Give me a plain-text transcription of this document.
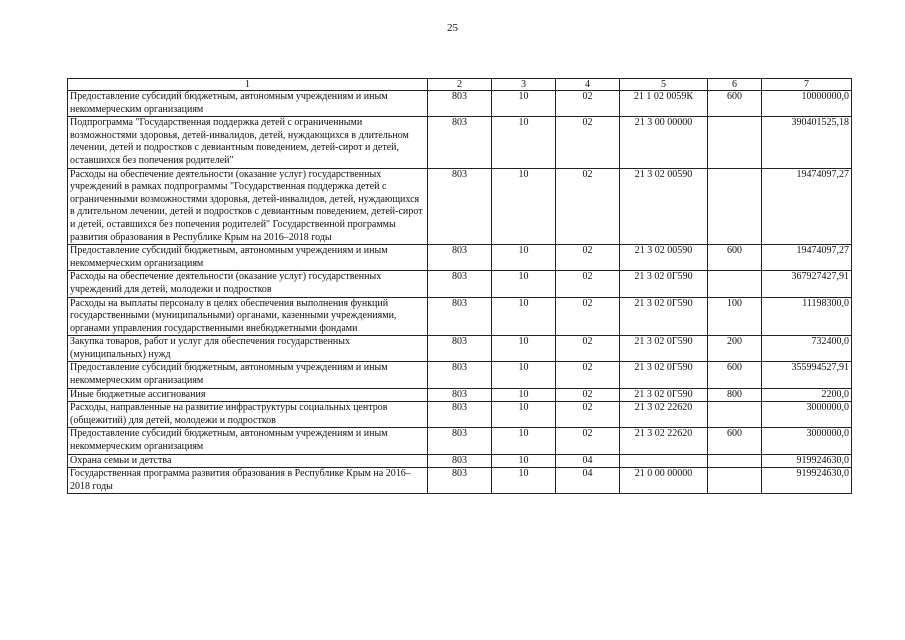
25
1	2	3	4	5	6	7
Предоставление субсидий бюджетным, автономным учреждениям и иным некоммерческим организациям	803	10	02	21 1 02 0059К	600	10000000,0
Подпрограмма "Государственная поддержка детей с ограниченными возможностями здоровья, детей-инвалидов, детей, нуждающихся в длительном лечении, детей и подростков с девиантным поведением, детей-сирот и детей, оставшихся без попечения родителей"	803	10	02	21 3 00 00000		390401525,18
Расходы на обеспечение деятельности (оказание услуг) государственных учреждений в рамках подпрограммы "Государственная поддержка детей с ограниченными возможностями здоровья, детей-инвалидов, детей, нуждающихся в длительном лечении, детей и подростков с девиантным поведением, детей-сирот и детей, оставшихся без попечения родителей" Государственной программы развития образования в Республике Крым на 2016–2018 годы	803	10	02	21 3 02 00590		19474097,27
Предоставление субсидий бюджетным, автономным учреждениям и иным некоммерческим организациям	803	10	02	21 3 02 00590	600	19474097,27
Расходы на обеспечение деятельности (оказание услуг) государственных учреждений для детей, молодежи и подростков	803	10	02	21 3 02 0Г590		367927427,91
Расходы на выплаты персоналу в целях обеспечения выполнения функций государственными (муниципальными) органами, казенными учреждениями, органами управления государственными внебюджетными фондами	803	10	02	21 3 02 0Г590	100	11198300,0
Закупка товаров, работ и услуг для обеспечения государственных (муниципальных) нужд	803	10	02	21 3 02 0Г590	200	732400,0
Предоставление субсидий бюджетным, автономным учреждениям и иным некоммерческим организациям	803	10	02	21 3 02 0Г590	600	355994527,91
Иные бюджетные ассигнования	803	10	02	21 3 02 0Г590	800	2200,0
Расходы, направленные на развитие инфраструктуры социальных центров (общежитий) для детей, молодежи и подростков	803	10	02	21 3 02 22620		3000000,0
Предоставление субсидий бюджетным, автономным учреждениям и иным некоммерческим организациям	803	10	02	21 3 02 22620	600	3000000,0
Охрана семьи и детства	803	10	04			919924630,0
Государственная программа развития образования в Республике Крым на 2016–2018 годы	803	10	04	21 0 00 00000		919924630,0
